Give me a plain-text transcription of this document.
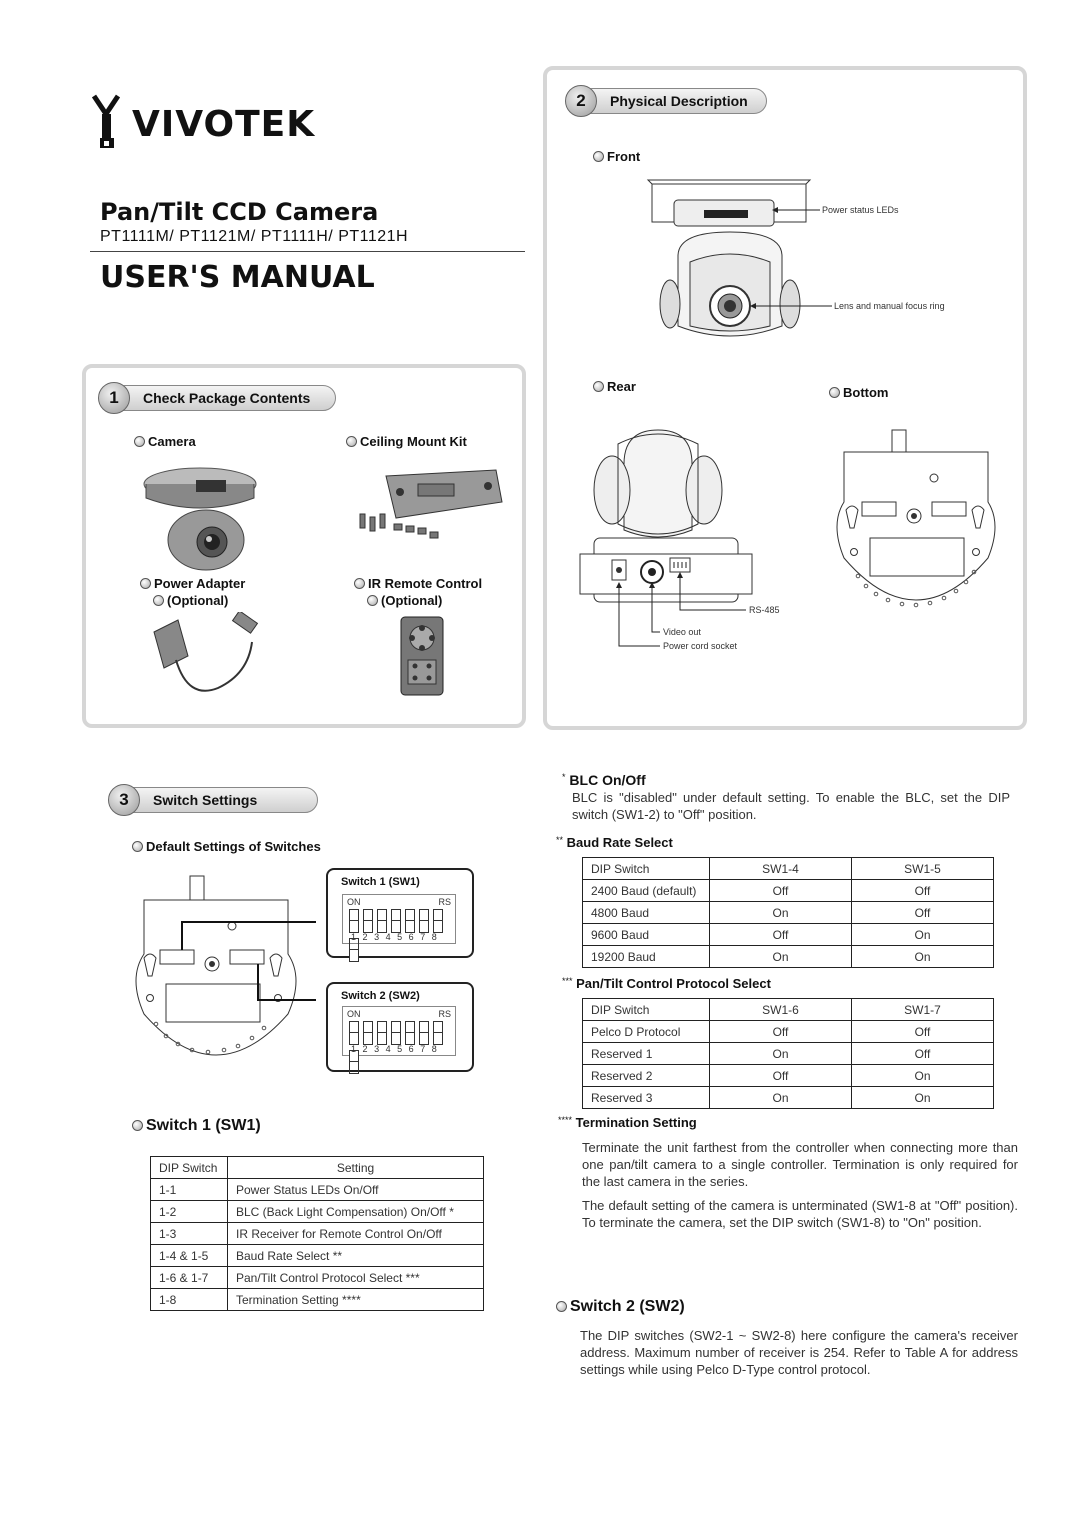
VIVOTEK
Pan/Tilt CCD Camera
PT1111M/ PT1121M/ PT1111H/ PT1121H
USER'S MANUAL
1	Check Package Contents
Camera	Ceiling Mount Kit
Power Adapter
(Optional)
IR Remote Control
(Optional)
2	Physical Description
Front
Power status LEDs
Lens and manual focus ring
Rear	Bottom
RS-485
Video out
Power cord socket
3	Switch Settings
Default Settings of Switches
Switch 1 (SW1)
ON	RS
1 2 3 4 5 6 7 8
Switch 2 (SW2)
ON	RS
1 2 3 4 5 6 7 8
Switch 1 (SW1)
DIP Switch	Setting
1-1	Power Status LEDs On/Off
1-2	BLC (Back Light Compensation) On/Off *
1-3	IR Receiver for Remote Control On/Off
1-4 & 1-5	Baud Rate Select **
1-6 & 1-7	Pan/Tilt Control Protocol Select ***
1-8	Termination Setting ****
* BLC On/Off
BLC is "disabled" under default setting. To enable the BLC, set the DIP switch (SW1-2) to "Off" position.
** Baud Rate Select
DIP Switch	SW1-4	SW1-5
2400 Baud (default)	Off	Off
4800 Baud	On	Off
9600 Baud	Off	On
19200 Baud	On	On
*** Pan/Tilt Control Protocol Select
DIP Switch	SW1-6	SW1-7
Pelco D Protocol	Off	Off
Reserved 1	On	Off
Reserved 2	Off	On
Reserved 3	On	On
**** Termination Setting
Terminate the unit farthest from the controller when connecting more than one pan/tilt camera to a single controller. Termination is only required for the last camera in the series.
The default setting of the camera is unterminated (SW1-8 at "Off" position). To terminate the camera, set the DIP switch (SW1-8) to "On" position.
Switch 2 (SW2)
The DIP switches (SW2-1 ~ SW2-8) here configure the camera's receiver address. Maximum number of receiver is 254. Refer to Table A for address settings while using Pelco D-Type control protocol.
